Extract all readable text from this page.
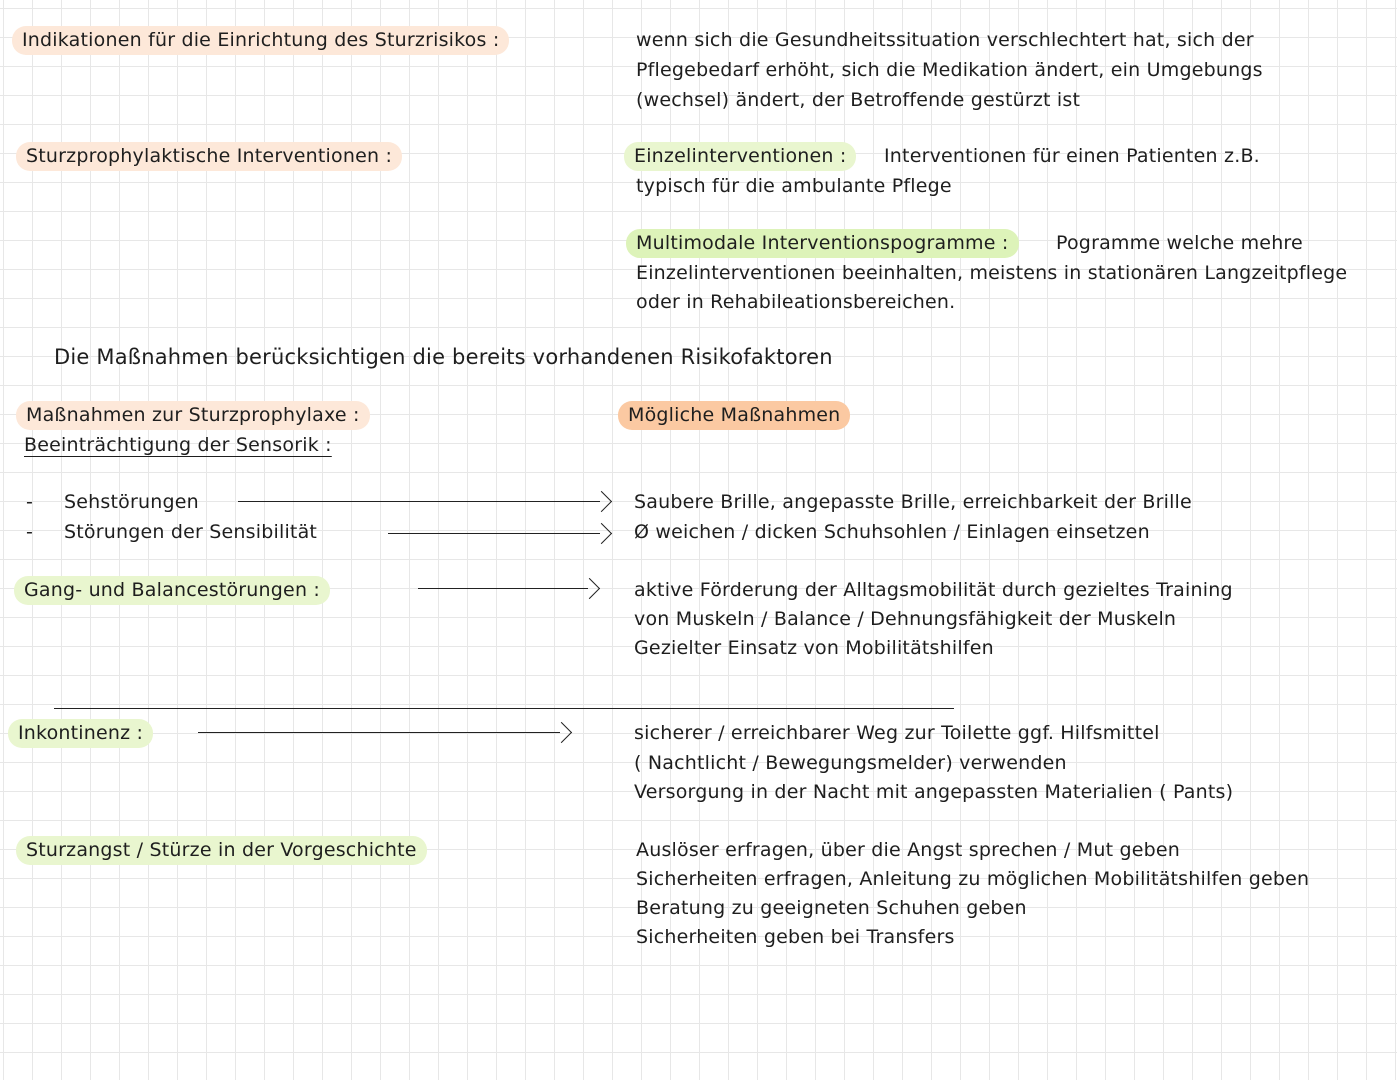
Indikationen für die Einrichtung des Sturzrisikos :
Sturzprophylaktische Interventionen :
Die Maßnahmen berücksichtigen die bereits vorhandenen Risikofaktoren
Maßnahmen zur Sturzprophylaxe :
Beeinträchtigung der Sensorik :
- Sehstörungen
- Störungen der Sensibilität
Gang- und Balancestörungen :
Inkontinenz :
Sturzangst / Stürze in der Vorgeschichte
wenn sich die Gesundheitssituation verschlechtert hat, sich der
Pflegebedarf erhöht, sich die Medikation ändert, ein Umgebungs
(wechsel) ändert, der Betroffende gestürzt ist
Einzelinterventionen :	Interventionen für einen Patienten z.B.
typisch für die ambulante Pflege
Multimodale Interventionspogramme :	Pogramme welche mehre
Einzelinterventionen beeinhalten, meistens in stationären Langzeitpflege
oder in Rehabileationsbereichen.
Mögliche Maßnahmen
Saubere Brille, angepasste Brille, erreichbarkeit der Brille
Ø weichen / dicken Schuhsohlen / Einlagen einsetzen
aktive Förderung der Alltagsmobilität durch gezieltes Training
von Muskeln / Balance / Dehnungsfähigkeit der Muskeln
Gezielter Einsatz von Mobilitätshilfen
sicherer / erreichbarer Weg zur Toilette ggf. Hilfsmittel
( Nachtlicht / Bewegungsmelder) verwenden
Versorgung in der Nacht mit angepassten Materialien ( Pants)
Auslöser erfragen, über die Angst sprechen / Mut geben
Sicherheiten erfragen, Anleitung zu möglichen Mobilitätshilfen geben
Beratung zu geeigneten Schuhen geben
Sicherheiten geben bei Transfers
